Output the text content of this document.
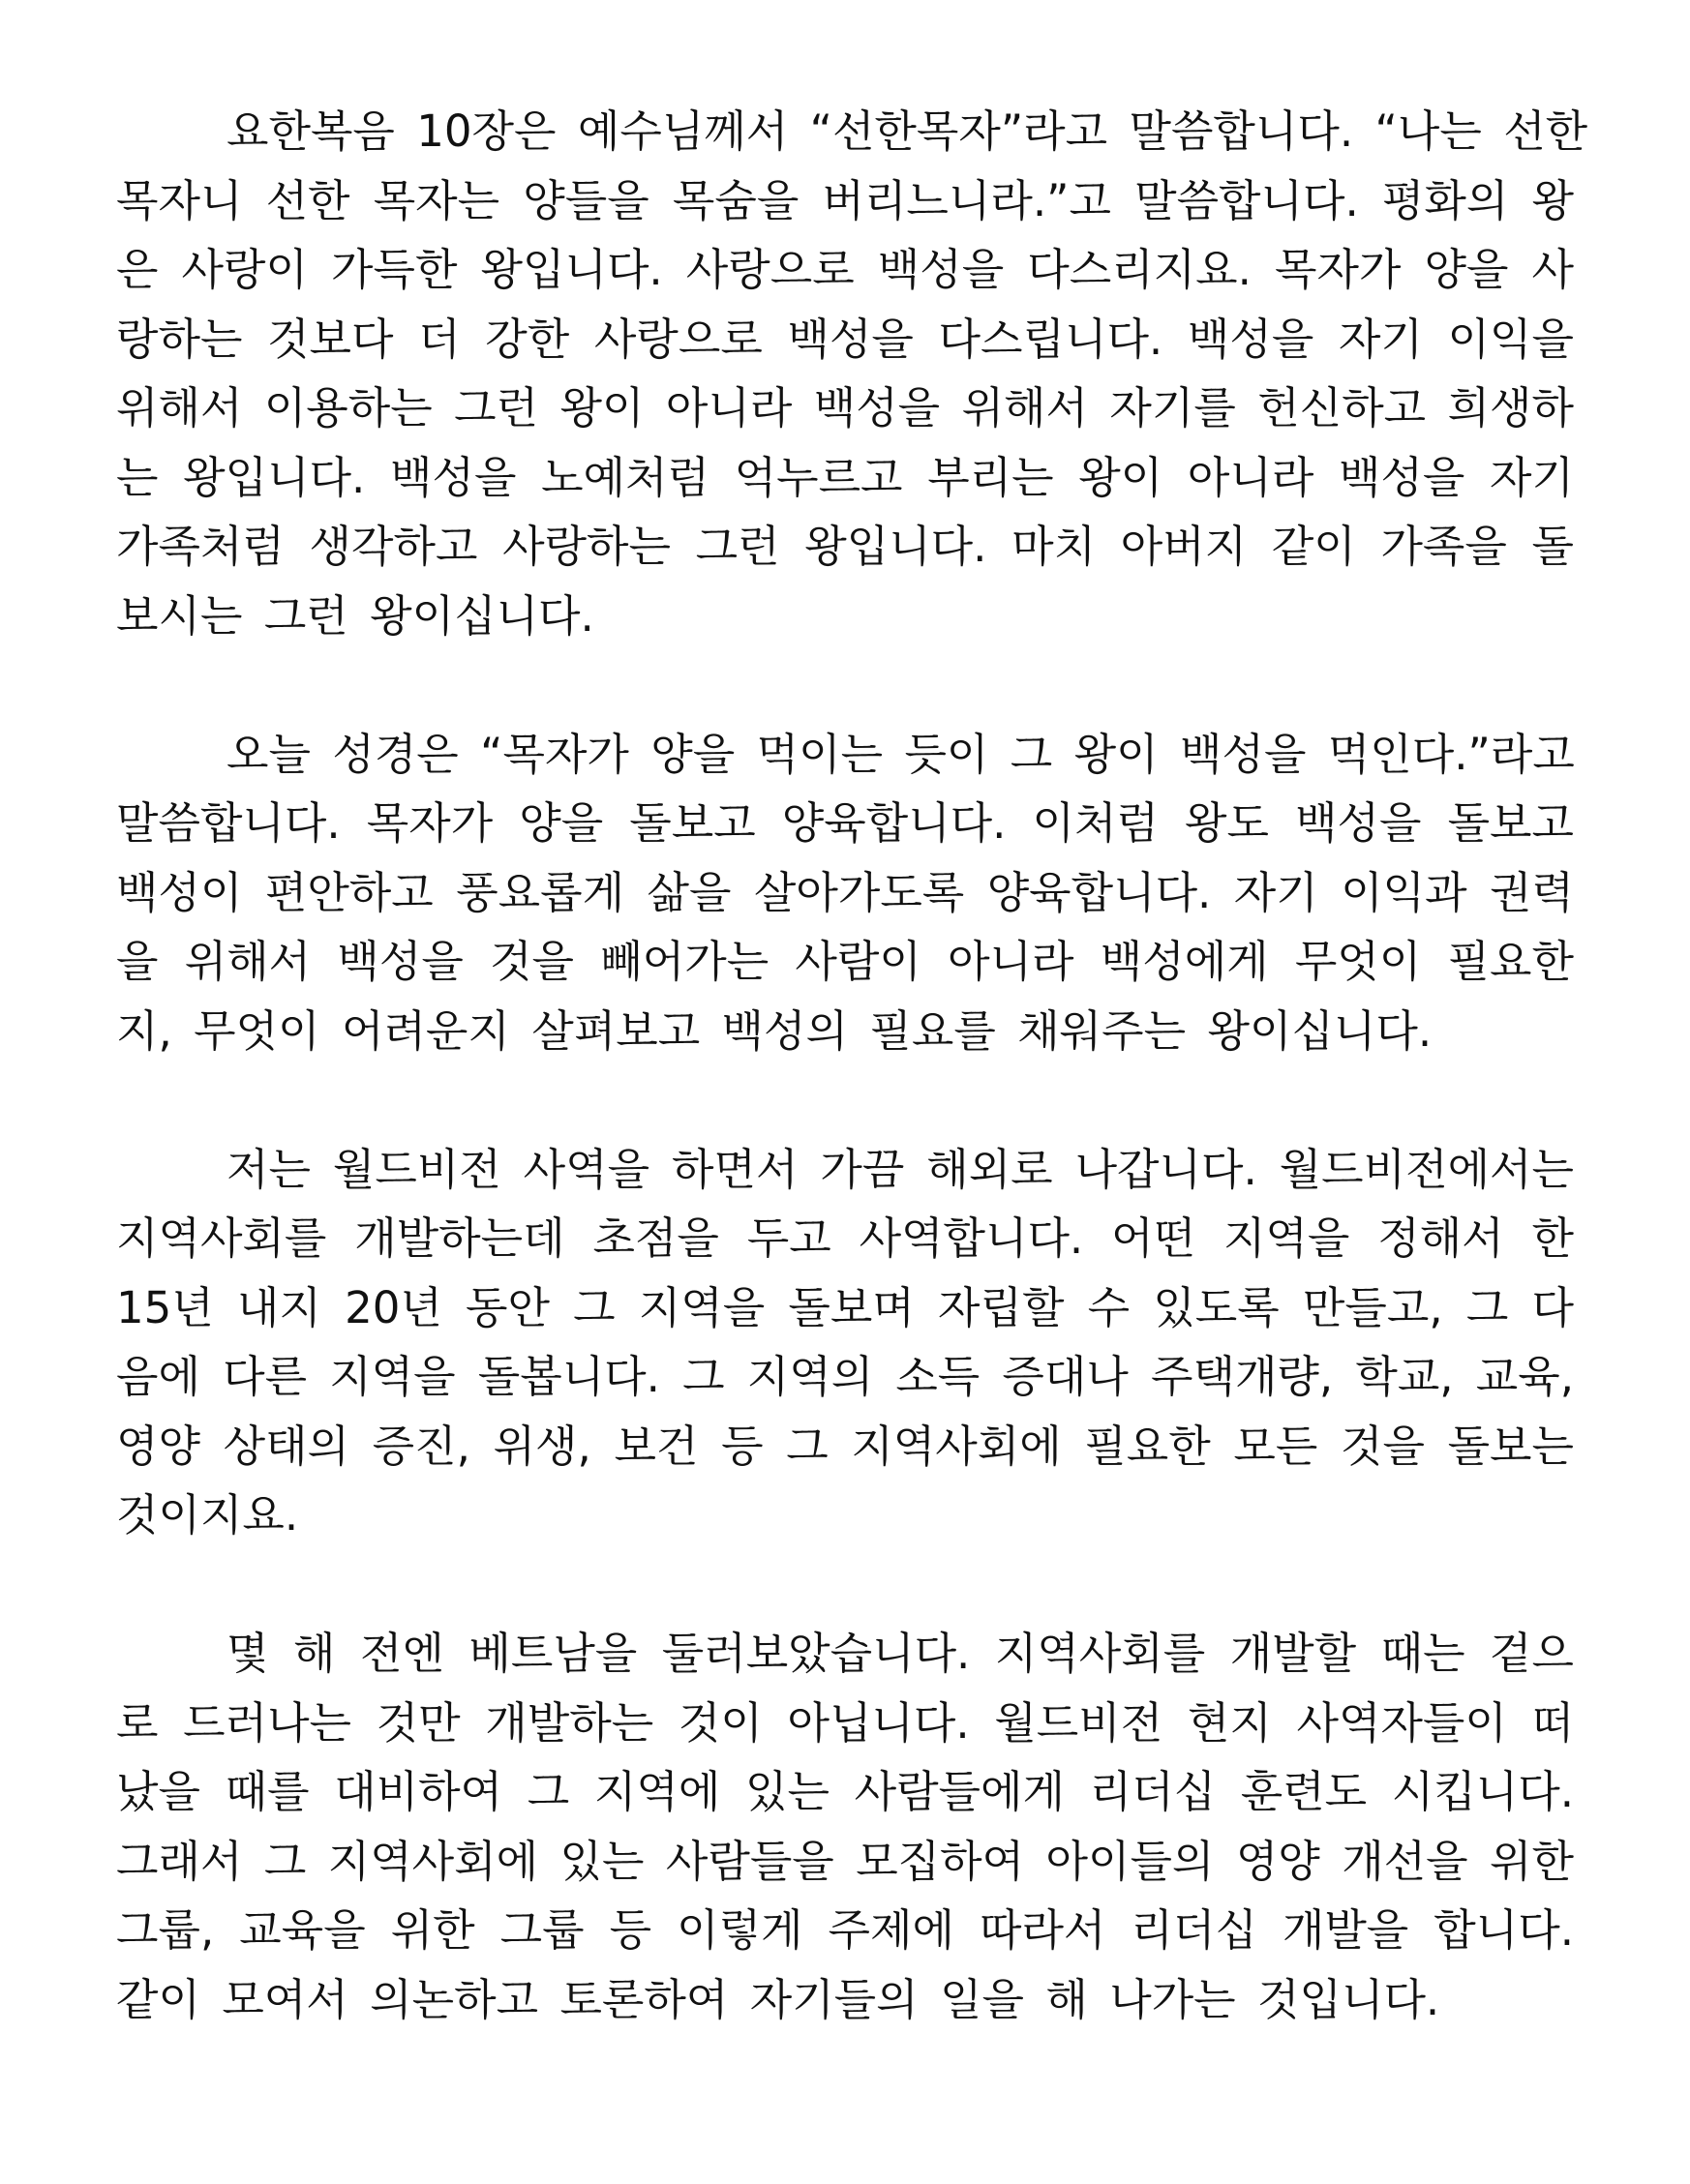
요한복음 10장은 예수님께서 “선한목자”라고 말씀합니다. “나는 선한
목자니 선한 목자는 양들을 목숨을 버리느니라.”고 말씀합니다. 평화의 왕
은 사랑이 가득한 왕입니다. 사랑으로 백성을 다스리지요. 목자가 양을 사
랑하는 것보다 더 강한 사랑으로 백성을 다스립니다. 백성을 자기 이익을
위해서 이용하는 그런 왕이 아니라 백성을 위해서 자기를 헌신하고 희생하
는 왕입니다. 백성을 노예처럼 억누르고 부리는 왕이 아니라 백성을 자기
가족처럼 생각하고 사랑하는 그런 왕입니다. 마치 아버지 같이 가족을 돌
보시는 그런 왕이십니다.
오늘 성경은 “목자가 양을 먹이는 듯이 그 왕이 백성을 먹인다.”라고
말씀합니다. 목자가 양을 돌보고 양육합니다. 이처럼 왕도 백성을 돌보고
백성이 편안하고 풍요롭게 삶을 살아가도록 양육합니다. 자기 이익과 권력
을 위해서 백성을 것을 빼어가는 사람이 아니라 백성에게 무엇이 필요한
지, 무엇이 어려운지 살펴보고 백성의 필요를 채워주는 왕이십니다.
저는 월드비전 사역을 하면서 가끔 해외로 나갑니다. 월드비전에서는
지역사회를 개발하는데 초점을 두고 사역합니다. 어떤 지역을 정해서 한
15년 내지 20년 동안 그 지역을 돌보며 자립할 수 있도록 만들고, 그 다
음에 다른 지역을 돌봅니다. 그 지역의 소득 증대나 주택개량, 학교, 교육,
영양 상태의 증진, 위생, 보건 등 그 지역사회에 필요한 모든 것을 돌보는
것이지요.
몇 해 전엔 베트남을 둘러보았습니다. 지역사회를 개발할 때는 겉으
로 드러나는 것만 개발하는 것이 아닙니다. 월드비전 현지 사역자들이 떠
났을 때를 대비하여 그 지역에 있는 사람들에게 리더십 훈련도 시킵니다.
그래서 그 지역사회에 있는 사람들을 모집하여 아이들의 영양 개선을 위한
그룹, 교육을 위한 그룹 등 이렇게 주제에 따라서 리더십 개발을 합니다.
같이 모여서 의논하고 토론하여 자기들의 일을 해 나가는 것입니다.
